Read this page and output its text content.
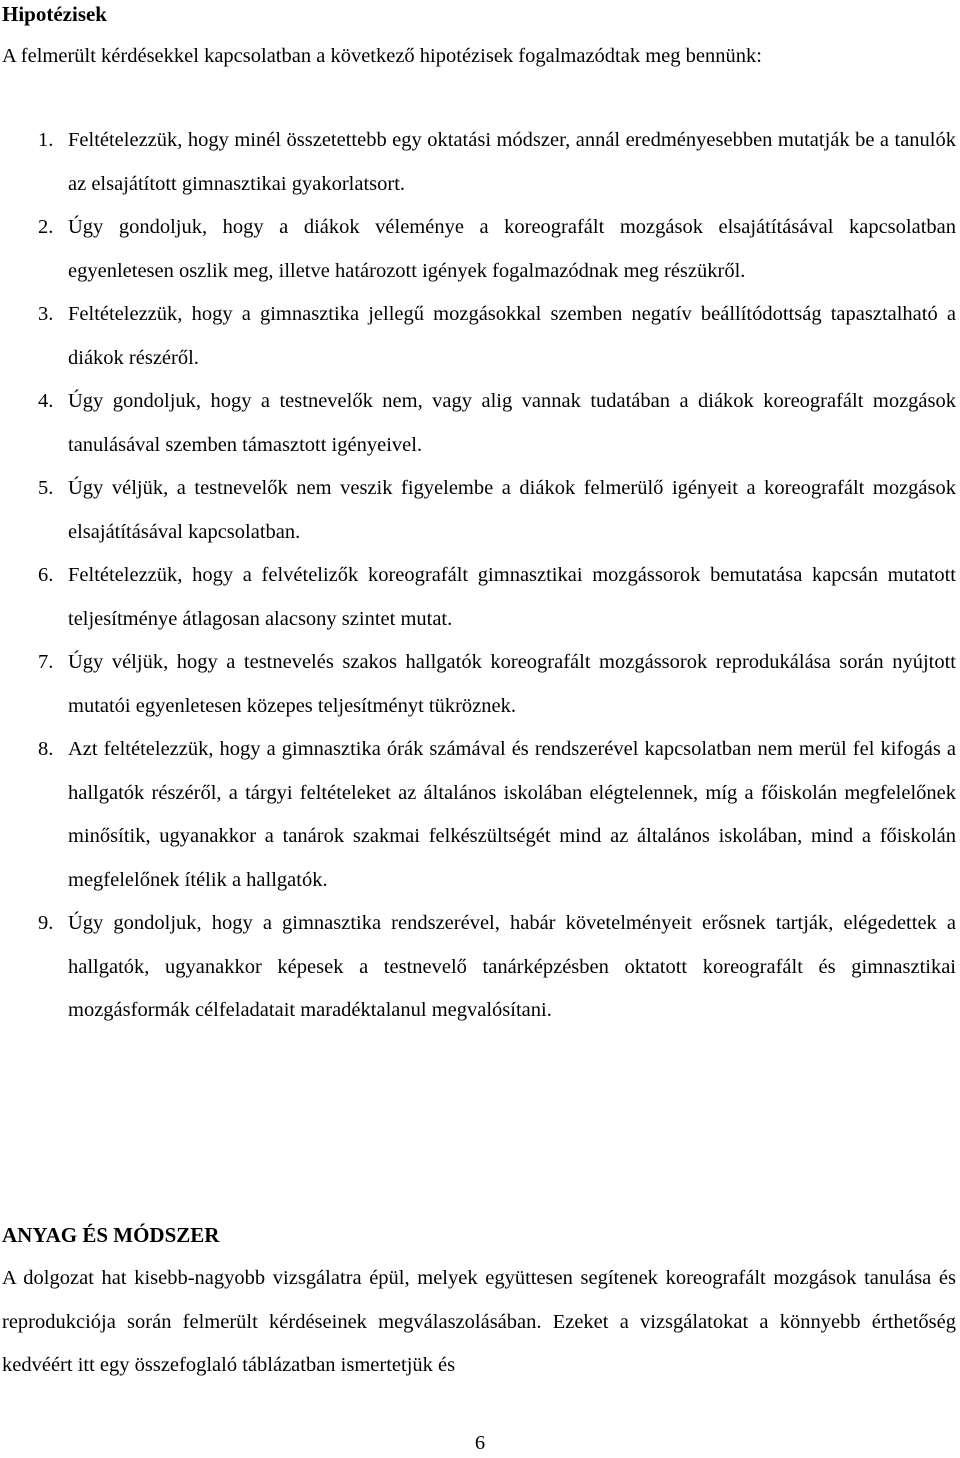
Hipotézisek

A felmerült kérdésekkel kapcsolatban a következő hipotézisek fogalmazódtak meg bennünk:

1. Feltételezzük, hogy minél összetettebb egy oktatási módszer, annál eredményesebben mutatják be a tanulók az elsajátított gimnasztikai gyakorlatsort.
2. Úgy gondoljuk, hogy a diákok véleménye a koreografált mozgások elsajátításával kapcsolatban egyenletesen oszlik meg, illetve határozott igények fogalmazódnak meg részükről.
3. Feltételezzük, hogy a gimnasztika jellegű mozgásokkal szemben negatív beállítódottság tapasztalható a diákok részéről.
4. Úgy gondoljuk, hogy a testnevelők nem, vagy alig vannak tudatában a diákok koreografált mozgások tanulásával szemben támasztott igényeivel.
5. Úgy véljük, a testnevelők nem veszik figyelembe a diákok felmerülő igényeit a koreografált mozgások elsajátításával kapcsolatban.
6. Feltételezzük, hogy a felvételizők koreografált gimnasztikai mozgássorok bemutatása kapcsán mutatott teljesítménye átlagosan alacsony szintet mutat.
7. Úgy véljük, hogy a testnevelés szakos hallgatók koreografált mozgássorok reprodukálása során nyújtott mutatói egyenletesen közepes teljesítményt tükröznek.
8. Azt feltételezzük, hogy a gimnasztika órák számával és rendszerével kapcsolatban nem merül fel kifogás a hallgatók részéről, a tárgyi feltételeket az általános iskolában elégtelennek, míg a főiskolán megfelelőnek minősítik, ugyanakkor a tanárok szakmai felkészültségét mind az általános iskolában, mind a főiskolán megfelelőnek ítélik a hallgatók.
9. Úgy gondoljuk, hogy a gimnasztika rendszerével, habár követelményeit erősnek tartják, elégedettek a hallgatók, ugyanakkor képesek a testnevelő tanárképzésben oktatott koreografált és gimnasztikai mozgásformák célfeladatait maradéktalanul megvalósítani.
ANYAG ÉS MÓDSZER

A dolgozat hat kisebb-nagyobb vizsgálatra épül, melyek együttesen segítenek koreografált mozgások tanulása és reprodukciója során felmerült kérdéseinek megválaszolásában. Ezeket a vizsgálatokat a könnyebb érthetőség kedvéért itt egy összefoglaló táblázatban ismertetjük és

6
